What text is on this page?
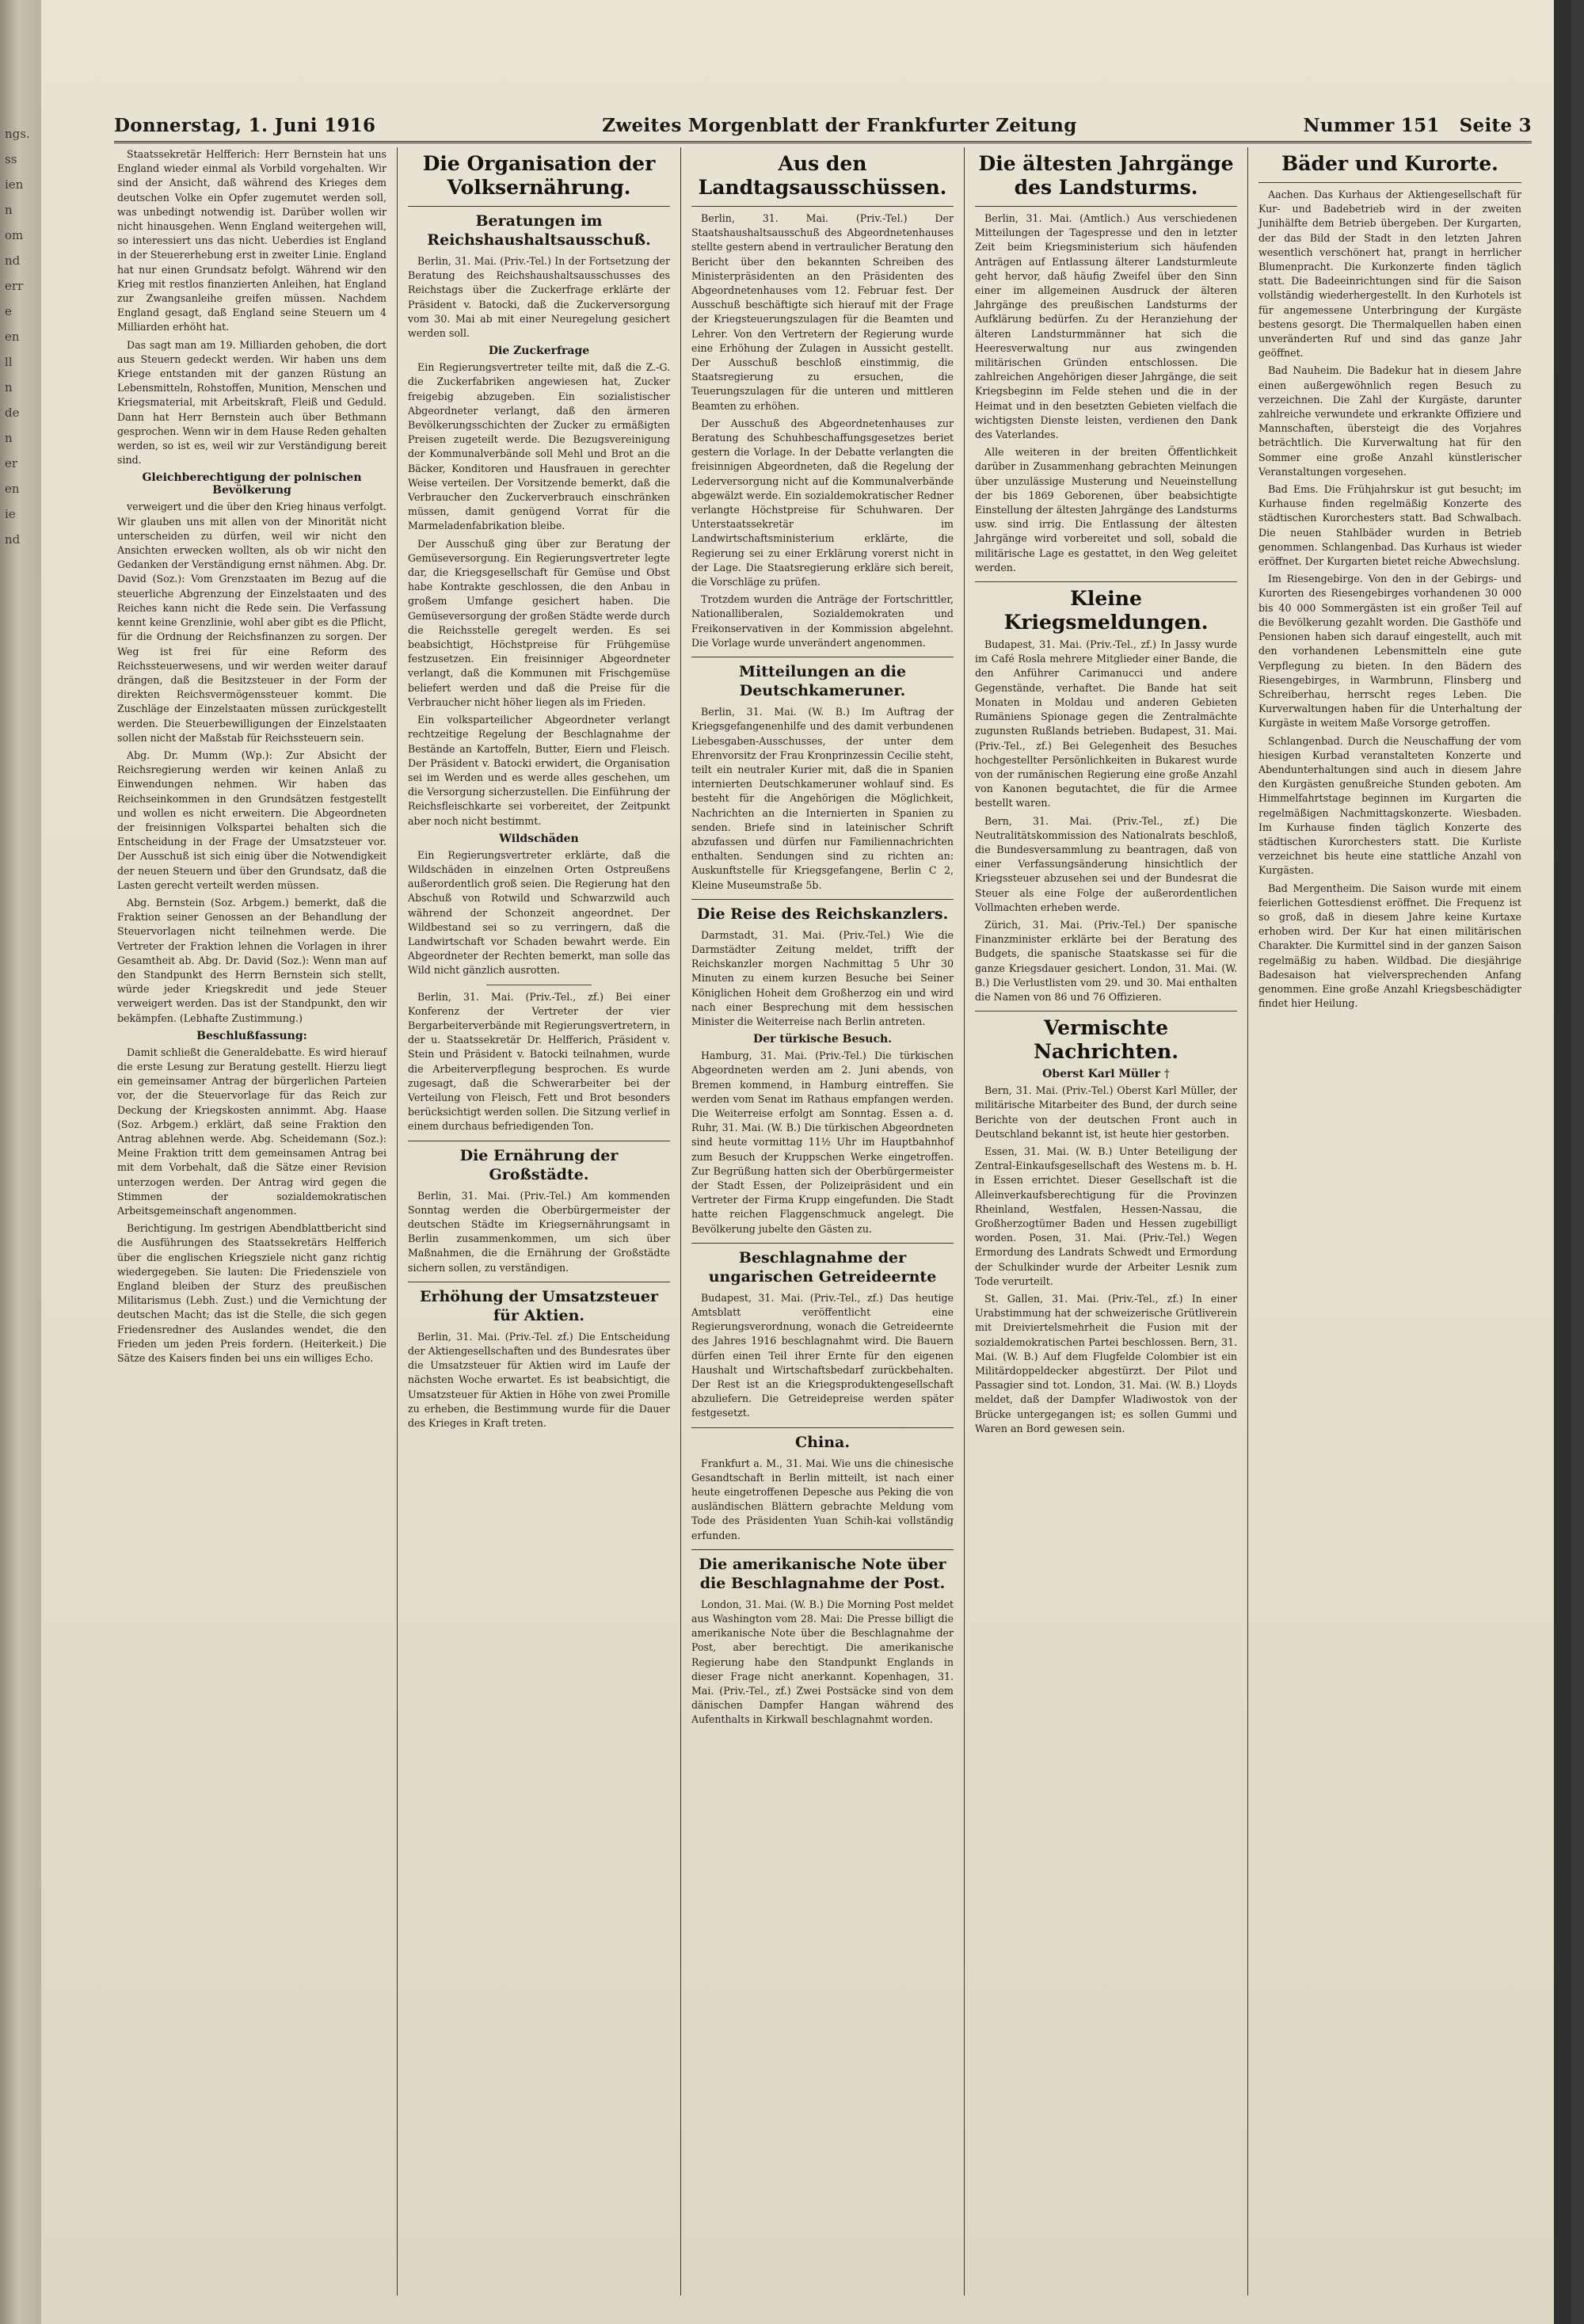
ngs.
ss
ien
n
om
nd
err
e
en
ll
n
de
n
er
en
ie
nd
Donnerstag, 1. Juni 1916	Zweites Morgenblatt der Frankfurter Zeitung	Nummer 151 Seite 3

Staatssekretär Helfferich: Herr Bernstein hat uns England wieder einmal als Vorbild vorgehalten. Wir sind der Ansicht, daß während des Krieges dem deutschen Volke ein Opfer zugemutet werden soll, was unbedingt notwendig ist. Darüber wollen wir nicht hinausgehen. Wenn England weitergehen will, so interessiert uns das nicht. Ueberdies ist England in der Steuererhebung erst in zweiter Linie. England hat nur einen Grundsatz befolgt. Während wir den Krieg mit restlos finanzierten Anleihen, hat England zur Zwangsanleihe greifen müssen. Nachdem England gesagt, daß England seine Steuern um 4 Milliarden erhöht hat.

Das sagt man am 19. Milliarden gehoben, die dort aus Steuern gedeckt werden. Wir haben uns dem Kriege entstanden mit der ganzen Rüstung an Lebensmitteln, Rohstoffen, Munition, Menschen und Kriegsmaterial, mit Arbeitskraft, Fleiß und Geduld. Dann hat Herr Bernstein auch über Bethmann gesprochen. Wenn wir in dem Hause Reden gehalten werden, so ist es, weil wir zur Verständigung bereit sind.

Gleichberechtigung der polnischen Bevölkerung

verweigert und die über den Krieg hinaus verfolgt. Wir glauben uns mit allen von der Minorität nicht unterscheiden zu dürfen, weil wir nicht den Ansichten erwecken wollten, als ob wir nicht den Gedanken der Verständigung ernst nähmen. Abg. Dr. David (Soz.): Vom Grenzstaaten im Bezug auf die steuerliche Abgrenzung der Einzelstaaten und des Reiches kann nicht die Rede sein. Die Verfassung kennt keine Grenzlinie, wohl aber gibt es die Pflicht, für die Ordnung der Reichsfinanzen zu sorgen. Der Weg ist frei für eine Reform des Reichssteuerwesens, und wir werden weiter darauf drängen, daß die Besitzsteuer in der Form der direkten Reichsvermögenssteuer kommt. Die Zuschläge der Einzelstaaten müssen zurückgestellt werden. Die Steuerbewilligungen der Einzelstaaten sollen nicht der Maßstab für Reichssteuern sein.

Abg. Dr. Mumm (Wp.): Zur Absicht der Reichsregierung werden wir keinen Anlaß zu Einwendungen nehmen. Wir haben das Reichseinkommen in den Grundsätzen festgestellt und wollen es nicht erweitern. Die Abgeordneten der freisinnigen Volkspartei behalten sich die Entscheidung in der Frage der Umsatzsteuer vor. Der Ausschuß ist sich einig über die Notwendigkeit der neuen Steuern und über den Grundsatz, daß die Lasten gerecht verteilt werden müssen.

Abg. Bernstein (Soz. Arbgem.) bemerkt, daß die Fraktion seiner Genossen an der Behandlung der Steuervorlagen nicht teilnehmen werde. Die Vertreter der Fraktion lehnen die Vorlagen in ihrer Gesamtheit ab. Abg. Dr. David (Soz.): Wenn man auf den Standpunkt des Herrn Bernstein sich stellt, würde jeder Kriegskredit und jede Steuer verweigert werden. Das ist der Standpunkt, den wir bekämpfen. (Lebhafte Zustimmung.)

Beschlußfassung:

Damit schließt die Generaldebatte. Es wird hierauf die erste Lesung zur Beratung gestellt. Hierzu liegt ein gemeinsamer Antrag der bürgerlichen Parteien vor, der die Steuervorlage für das Reich zur Deckung der Kriegskosten annimmt. Abg. Haase (Soz. Arbgem.) erklärt, daß seine Fraktion den Antrag ablehnen werde. Abg. Scheidemann (Soz.): Meine Fraktion tritt dem gemeinsamen Antrag bei mit dem Vorbehalt, daß die Sätze einer Revision unterzogen werden. Der Antrag wird gegen die Stimmen der sozialdemokratischen Arbeitsgemeinschaft angenommen.

Berichtigung. Im gestrigen Abendblattbericht sind die Ausführungen des Staatssekretärs Helfferich über die englischen Kriegsziele nicht ganz richtig wiedergegeben. Sie lauten: Die Friedensziele von England bleiben der Sturz des preußischen Militarismus (Lebh. Zust.) und die Vernichtung der deutschen Macht; das ist die Stelle, die sich gegen Friedensredner des Auslandes wendet, die den Frieden um jeden Preis fordern. (Heiterkeit.) Die Sätze des Kaisers finden bei uns ein williges Echo.

Die Organisation der Volksernährung.
Beratungen im Reichshaushaltsausschuß.

Berlin, 31. Mai. (Priv.-Tel.) In der Fortsetzung der Beratung des Reichshaushaltsausschusses des Reichstags über die Zuckerfrage erklärte der Präsident v. Batocki, daß die Zuckerversorgung vom 30. Mai ab mit einer Neuregelung gesichert werden soll.

Die Zuckerfrage

Ein Regierungsvertreter teilte mit, daß die Z.-G. die Zuckerfabriken angewiesen hat, Zucker freigebig abzugeben. Ein sozialistischer Abgeordneter verlangt, daß den ärmeren Bevölkerungsschichten der Zucker zu ermäßigten Preisen zugeteilt werde. Die Bezugsvereinigung der Kommunalverbände soll Mehl und Brot an die Bäcker, Konditoren und Hausfrauen in gerechter Weise verteilen. Der Vorsitzende bemerkt, daß die Verbraucher den Zuckerverbrauch einschränken müssen, damit genügend Vorrat für die Marmeladenfabrikation bleibe.

Der Ausschuß ging über zur Beratung der Gemüseversorgung. Ein Regierungsvertreter legte dar, die Kriegsgesellschaft für Gemüse und Obst habe Kontrakte geschlossen, die den Anbau in großem Umfange gesichert haben. Die Gemüseversorgung der großen Städte werde durch die Reichsstelle geregelt werden. Es sei beabsichtigt, Höchstpreise für Frühgemüse festzusetzen. Ein freisinniger Abgeordneter verlangt, daß die Kommunen mit Frischgemüse beliefert werden und daß die Preise für die Verbraucher nicht höher liegen als im Frieden.

Ein volksparteilicher Abgeordneter verlangt rechtzeitige Regelung der Beschlagnahme der Bestände an Kartoffeln, Butter, Eiern und Fleisch. Der Präsident v. Batocki erwidert, die Organisation sei im Werden und es werde alles geschehen, um die Versorgung sicherzustellen. Die Einführung der Reichsfleischkarte sei vorbereitet, der Zeitpunkt aber noch nicht bestimmt.

Wildschäden

Ein Regierungsvertreter erklärte, daß die Wildschäden in einzelnen Orten Ostpreußens außerordentlich groß seien. Die Regierung hat den Abschuß von Rotwild und Schwarzwild auch während der Schonzeit angeordnet. Der Wildbestand sei so zu verringern, daß die Landwirtschaft vor Schaden bewahrt werde. Ein Abgeordneter der Rechten bemerkt, man solle das Wild nicht gänzlich ausrotten.

Berlin, 31. Mai. (Priv.-Tel., zf.) Bei einer Konferenz der Vertreter der vier Bergarbeiterverbände mit Regierungsvertretern, in der u. Staatssekretär Dr. Helfferich, Präsident v. Stein und Präsident v. Batocki teilnahmen, wurde die Arbeiterverpflegung besprochen. Es wurde zugesagt, daß die Schwerarbeiter bei der Verteilung von Fleisch, Fett und Brot besonders berücksichtigt werden sollen. Die Sitzung verlief in einem durchaus befriedigenden Ton.

Die Ernährung der Großstädte.

Berlin, 31. Mai. (Priv.-Tel.) Am kommenden Sonntag werden die Oberbürgermeister der deutschen Städte im Kriegsernährungsamt in Berlin zusammenkommen, um sich über Maßnahmen, die die Ernährung der Großstädte sichern sollen, zu verständigen.

Erhöhung der Umsatzsteuer für Aktien.

Berlin, 31. Mai. (Priv.-Tel. zf.) Die Entscheidung der Aktiengesellschaften und des Bundesrates über die Umsatzsteuer für Aktien wird im Laufe der nächsten Woche erwartet. Es ist beabsichtigt, die Umsatzsteuer für Aktien in Höhe von zwei Promille zu erheben, die Bestimmung wurde für die Dauer des Krieges in Kraft treten.

Aus den Landtagsausschüssen.

Berlin, 31. Mai. (Priv.-Tel.) Der Staatshaushaltsausschuß des Abgeordnetenhauses stellte gestern abend in vertraulicher Beratung den Bericht über den bekannten Schreiben des Ministerpräsidenten an den Präsidenten des Abgeordnetenhauses vom 12. Februar fest. Der Ausschuß beschäftigte sich hierauf mit der Frage der Kriegsteuerungszulagen für die Beamten und Lehrer. Von den Vertretern der Regierung wurde eine Erhöhung der Zulagen in Aussicht gestellt. Der Ausschuß beschloß einstimmig, die Staatsregierung zu ersuchen, die Teuerungszulagen für die unteren und mittleren Beamten zu erhöhen.

Der Ausschuß des Abgeordnetenhauses zur Beratung des Schuhbeschaffungsgesetzes beriet gestern die Vorlage. In der Debatte verlangten die freisinnigen Abgeordneten, daß die Regelung der Lederversorgung nicht auf die Kommunalverbände abgewälzt werde. Ein sozialdemokratischer Redner verlangte Höchstpreise für Schuhwaren. Der Unterstaatssekretär im Landwirtschaftsministerium erklärte, die Regierung sei zu einer Erklärung vorerst nicht in der Lage. Die Staatsregierung erkläre sich bereit, die Vorschläge zu prüfen.

Trotzdem wurden die Anträge der Fortschrittler, Nationalliberalen, Sozialdemokraten und Freikonservativen in der Kommission abgelehnt. Die Vorlage wurde unverändert angenommen.

Mitteilungen an die Deutschkameruner.

Berlin, 31. Mai. (W. B.) Im Auftrag der Kriegsgefangenenhilfe und des damit verbundenen Liebesgaben-Ausschusses, der unter dem Ehrenvorsitz der Frau Kronprinzessin Cecilie steht, teilt ein neutraler Kurier mit, daß die in Spanien internierten Deutschkameruner wohlauf sind. Es besteht für die Angehörigen die Möglichkeit, Nachrichten an die Internierten in Spanien zu senden. Briefe sind in lateinischer Schrift abzufassen und dürfen nur Familiennachrichten enthalten. Sendungen sind zu richten an: Auskunftstelle für Kriegsgefangene, Berlin C 2, Kleine Museumstraße 5b.

Die Reise des Reichskanzlers.

Darmstadt, 31. Mai. (Priv.-Tel.) Wie die Darmstädter Zeitung meldet, trifft der Reichskanzler morgen Nachmittag 5 Uhr 30 Minuten zu einem kurzen Besuche bei Seiner Königlichen Hoheit dem Großherzog ein und wird nach einer Besprechung mit dem hessischen Minister die Weiterreise nach Berlin antreten.

Der türkische Besuch.

Hamburg, 31. Mai. (Priv.-Tel.) Die türkischen Abgeordneten werden am 2. Juni abends, von Bremen kommend, in Hamburg eintreffen. Sie werden vom Senat im Rathaus empfangen werden. Die Weiterreise erfolgt am Sonntag. Essen a. d. Ruhr, 31. Mai. (W. B.) Die türkischen Abgeordneten sind heute vormittag 11½ Uhr im Hauptbahnhof zum Besuch der Kruppschen Werke eingetroffen. Zur Begrüßung hatten sich der Oberbürgermeister der Stadt Essen, der Polizeipräsident und ein Vertreter der Firma Krupp eingefunden. Die Stadt hatte reichen Flaggenschmuck angelegt. Die Bevölkerung jubelte den Gästen zu.

Beschlagnahme der ungarischen Getreideernte

Budapest, 31. Mai. (Priv.-Tel., zf.) Das heutige Amtsblatt veröffentlicht eine Regierungsverordnung, wonach die Getreideernte des Jahres 1916 beschlagnahmt wird. Die Bauern dürfen einen Teil ihrer Ernte für den eigenen Haushalt und Wirtschaftsbedarf zurückbehalten. Der Rest ist an die Kriegsproduktengesellschaft abzuliefern. Die Getreidepreise werden später festgesetzt.

China.

Frankfurt a. M., 31. Mai. Wie uns die chinesische Gesandtschaft in Berlin mitteilt, ist nach einer heute eingetroffenen Depesche aus Peking die von ausländischen Blättern gebrachte Meldung vom Tode des Präsidenten Yuan Schih-kai vollständig erfunden.

Die amerikanische Note über die Beschlagnahme der Post.

London, 31. Mai. (W. B.) Die Morning Post meldet aus Washington vom 28. Mai: Die Presse billigt die amerikanische Note über die Beschlagnahme der Post, aber berechtigt. Die amerikanische Regierung habe den Standpunkt Englands in dieser Frage nicht anerkannt. Kopenhagen, 31. Mai. (Priv.-Tel., zf.) Zwei Postsäcke sind von dem dänischen Dampfer Hangan während des Aufenthalts in Kirkwall beschlagnahmt worden.

Die ältesten Jahrgänge des Landsturms.

Berlin, 31. Mai. (Amtlich.) Aus verschiedenen Mitteilungen der Tagespresse und den in letzter Zeit beim Kriegsministerium sich häufenden Anträgen auf Entlassung älterer Landsturmleute geht hervor, daß häufig Zweifel über den Sinn einer im allgemeinen Ausdruck der älteren Jahrgänge des preußischen Landsturms der Aufklärung bedürfen. Zu der Heranziehung der älteren Landsturmmänner hat sich die Heeresverwaltung nur aus zwingenden militärischen Gründen entschlossen. Die zahlreichen Angehörigen dieser Jahrgänge, die seit Kriegsbeginn im Felde stehen und die in der Heimat und in den besetzten Gebieten vielfach die wichtigsten Dienste leisten, verdienen den Dank des Vaterlandes.

Alle weiteren in der breiten Öffentlichkeit darüber in Zusammenhang gebrachten Meinungen über unzulässige Musterung und Neueinstellung der bis 1869 Geborenen, über beabsichtigte Einstellung der ältesten Jahrgänge des Landsturms usw. sind irrig. Die Entlassung der ältesten Jahrgänge wird vorbereitet und soll, sobald die militärische Lage es gestattet, in den Weg geleitet werden.

Kleine Kriegsmeldungen.

Budapest, 31. Mai. (Priv.-Tel., zf.) In Jassy wurde im Café Rosla mehrere Mitglieder einer Bande, die den Anführer Carimanucci und andere Gegenstände, verhaftet. Die Bande hat seit Monaten in Moldau und anderen Gebieten Rumäniens Spionage gegen die Zentralmächte zugunsten Rußlands betrieben. Budapest, 31. Mai. (Priv.-Tel., zf.) Bei Gelegenheit des Besuches hochgestellter Persönlichkeiten in Bukarest wurde von der rumänischen Regierung eine große Anzahl von Kanonen begutachtet, die für die Armee bestellt waren.

Bern, 31. Mai. (Priv.-Tel., zf.) Die Neutralitätskommission des Nationalrats beschloß, die Bundesversammlung zu beantragen, daß von einer Verfassungsänderung hinsichtlich der Kriegssteuer abzusehen sei und der Bundesrat die Steuer als eine Folge der außerordentlichen Vollmachten erheben werde.

Zürich, 31. Mai. (Priv.-Tel.) Der spanische Finanzminister erklärte bei der Beratung des Budgets, die spanische Staatskasse sei für die ganze Kriegsdauer gesichert. London, 31. Mai. (W. B.) Die Verlustlisten vom 29. und 30. Mai enthalten die Namen von 86 und 76 Offizieren.

Vermischte Nachrichten.
Oberst Karl Müller †

Bern, 31. Mai. (Priv.-Tel.) Oberst Karl Müller, der militärische Mitarbeiter des Bund, der durch seine Berichte von der deutschen Front auch in Deutschland bekannt ist, ist heute hier gestorben.

Essen, 31. Mai. (W. B.) Unter Beteiligung der Zentral-Einkaufsgesellschaft des Westens m. b. H. in Essen errichtet. Dieser Gesellschaft ist die Alleinverkaufsberechtigung für die Provinzen Rheinland, Westfalen, Hessen-Nassau, die Großherzogtümer Baden und Hessen zugebilligt worden. Posen, 31. Mai. (Priv.-Tel.) Wegen Ermordung des Landrats Schwedt und Ermordung der Schulkinder wurde der Arbeiter Lesnik zum Tode verurteilt.

St. Gallen, 31. Mai. (Priv.-Tel., zf.) In einer Urabstimmung hat der schweizerische Grütliverein mit Dreiviertelsmehrheit die Fusion mit der sozialdemokratischen Partei beschlossen. Bern, 31. Mai. (W. B.) Auf dem Flugfelde Colombier ist ein Militärdoppeldecker abgestürzt. Der Pilot und Passagier sind tot. London, 31. Mai. (W. B.) Lloyds meldet, daß der Dampfer Wladiwostok von der Brücke untergegangen ist; es sollen Gummi und Waren an Bord gewesen sein.

Bäder und Kurorte.

Aachen. Das Kurhaus der Aktiengesellschaft für Kur- und Badebetrieb wird in der zweiten Junihälfte dem Betrieb übergeben. Der Kurgarten, der das Bild der Stadt in den letzten Jahren wesentlich verschönert hat, prangt in herrlicher Blumenpracht. Die Kurkonzerte finden täglich statt. Die Badeeinrichtungen sind für die Saison vollständig wiederhergestellt. In den Kurhotels ist für angemessene Unterbringung der Kurgäste bestens gesorgt. Die Thermalquellen haben einen unveränderten Ruf und sind das ganze Jahr geöffnet.

Bad Nauheim. Die Badekur hat in diesem Jahre einen außergewöhnlich regen Besuch zu verzeichnen. Die Zahl der Kurgäste, darunter zahlreiche verwundete und erkrankte Offiziere und Mannschaften, übersteigt die des Vorjahres beträchtlich. Die Kurverwaltung hat für den Sommer eine große Anzahl künstlerischer Veranstaltungen vorgesehen.

Bad Ems. Die Frühjahrskur ist gut besucht; im Kurhause finden regelmäßig Konzerte des städtischen Kurorchesters statt. Bad Schwalbach. Die neuen Stahlbäder wurden in Betrieb genommen. Schlangenbad. Das Kurhaus ist wieder eröffnet. Der Kurgarten bietet reiche Abwechslung.

Im Riesengebirge. Von den in der Gebirgs- und Kurorten des Riesengebirges vorhandenen 30 000 bis 40 000 Sommergästen ist ein großer Teil auf die Bevölkerung gezahlt worden. Die Gasthöfe und Pensionen haben sich darauf eingestellt, auch mit den vorhandenen Lebensmitteln eine gute Verpflegung zu bieten. In den Bädern des Riesengebirges, in Warmbrunn, Flinsberg und Schreiberhau, herrscht reges Leben. Die Kurverwaltungen haben für die Unterhaltung der Kurgäste in weitem Maße Vorsorge getroffen.

Schlangenbad. Durch die Neuschaffung der vom hiesigen Kurbad veranstalteten Konzerte und Abendunterhaltungen sind auch in diesem Jahre den Kurgästen genußreiche Stunden geboten. Am Himmelfahrtstage beginnen im Kurgarten die regelmäßigen Nachmittagskonzerte. Wiesbaden. Im Kurhause finden täglich Konzerte des städtischen Kurorchesters statt. Die Kurliste verzeichnet bis heute eine stattliche Anzahl von Kurgästen.

Bad Mergentheim. Die Saison wurde mit einem feierlichen Gottesdienst eröffnet. Die Frequenz ist so groß, daß in diesem Jahre keine Kurtaxe erhoben wird. Der Kur hat einen militärischen Charakter. Die Kurmittel sind in der ganzen Saison regelmäßig zu haben. Wildbad. Die diesjährige Badesaison hat vielversprechenden Anfang genommen. Eine große Anzahl Kriegsbeschädigter findet hier Heilung.
